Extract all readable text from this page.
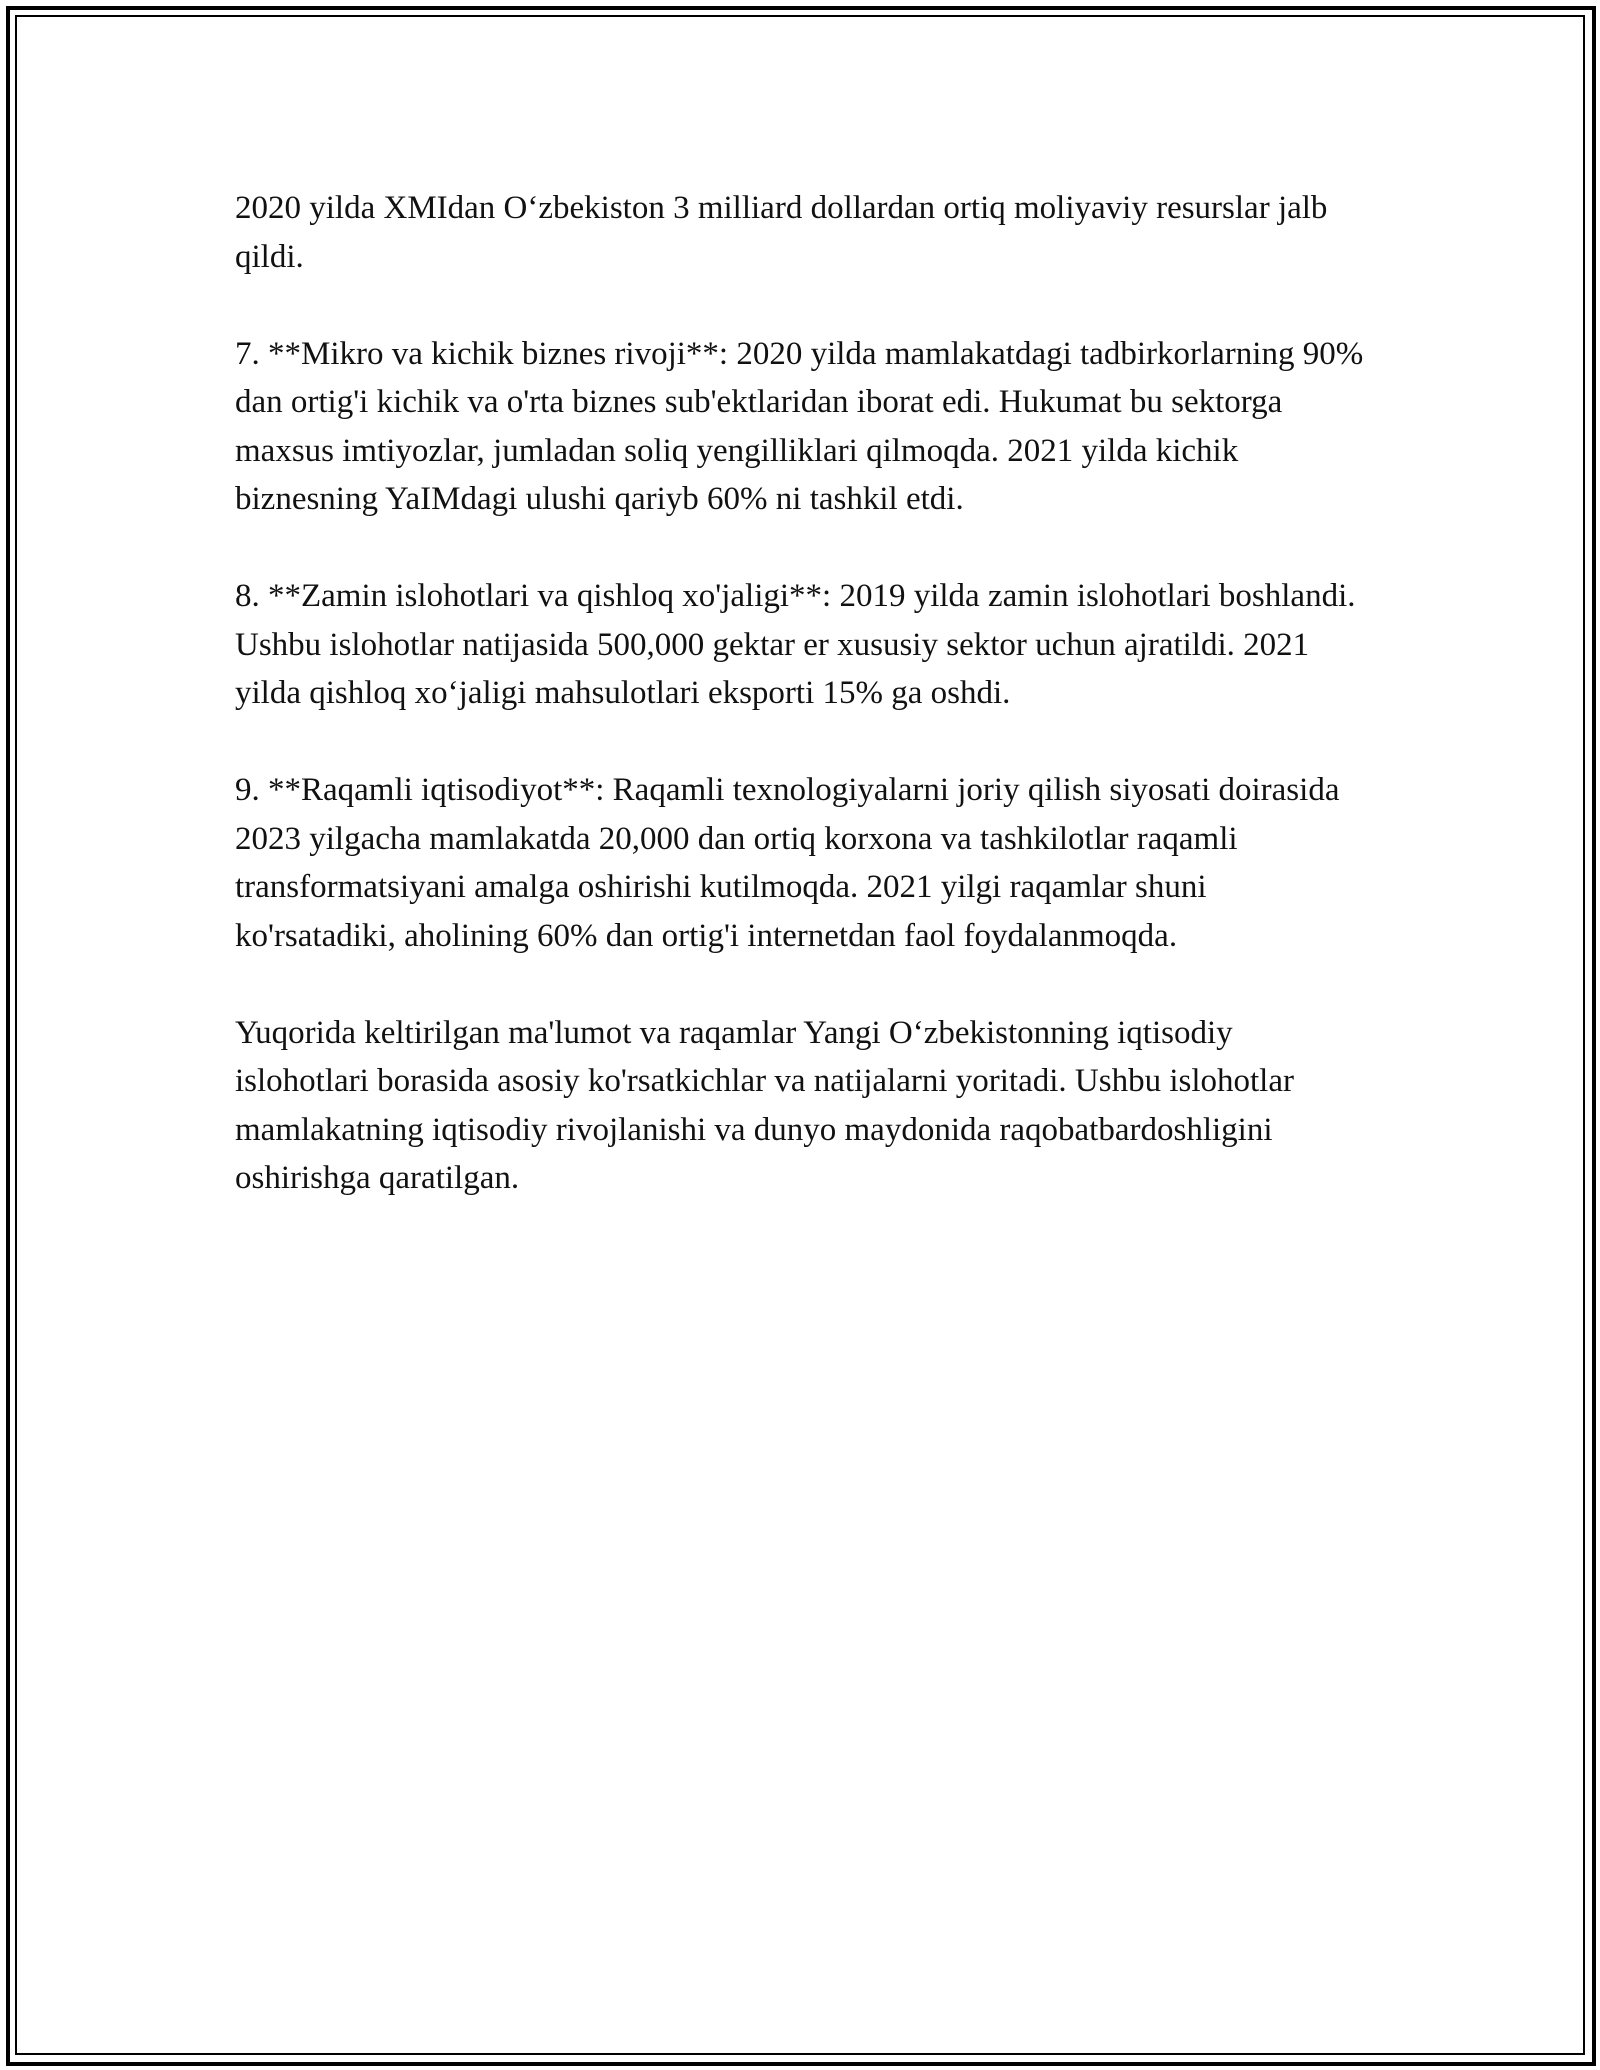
2020 yilda XMIdan O‘zbekiston 3 milliard dollardan ortiq moliyaviy resurslar jalb qildi.

7. **Mikro va kichik biznes rivoji**: 2020 yilda mamlakatdagi tadbirkorlarning 90% dan ortig'i kichik va o'rta biznes sub'ektlaridan iborat edi. Hukumat bu sektorga maxsus imtiyozlar, jumladan soliq yengilliklari qilmoqda. 2021 yilda kichik biznesning YaIMdagi ulushi qariyb 60% ni tashkil etdi.

8. **Zamin islohotlari va qishloq xo'jaligi**: 2019 yilda zamin islohotlari boshlandi. Ushbu islohotlar natijasida 500,000 gektar er xususiy sektor uchun ajratildi. 2021 yilda qishloq xo‘jaligi mahsulotlari eksporti 15% ga oshdi.

9. **Raqamli iqtisodiyot**: Raqamli texnologiyalarni joriy qilish siyosati doirasida 2023 yilgacha mamlakatda 20,000 dan ortiq korxona va tashkilotlar raqamli transformatsiyani amalga oshirishi kutilmoqda. 2021 yilgi raqamlar shuni ko'rsatadiki, aholining 60% dan ortig'i internetdan faol foydalanmoqda.

Yuqorida keltirilgan ma'lumot va raqamlar Yangi O‘zbekistonning iqtisodiy islohotlari borasida asosiy ko'rsatkichlar va natijalarni yoritadi. Ushbu islohotlar mamlakatning iqtisodiy rivojlanishi va dunyo maydonida raqobatbardoshligini oshirishga qaratilgan.
